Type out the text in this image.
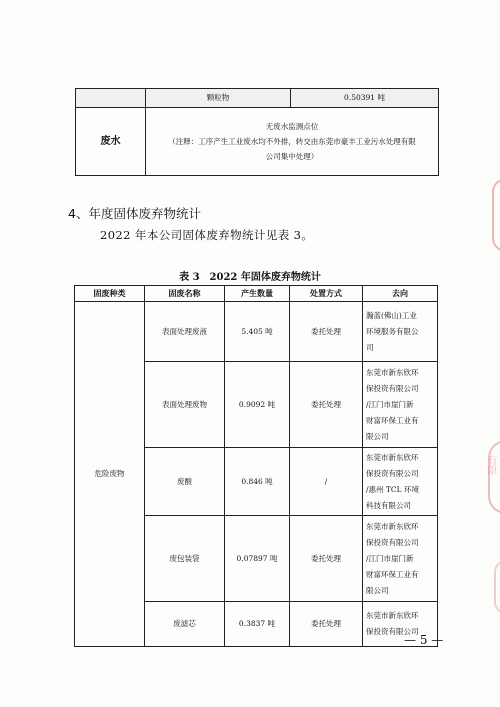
	颗粒物	0.50391 吨
废水	无废水监测点位
（注释：工序产生工业废水均不外排，转交由东莞市豪丰工业污水处理有限
公司集中处理）	
4、年度固体废弃物统计
2022 年本公司固体废弃物统计见表 3。
表 3　2022 年固体废弃物统计
固废种类	固废名称	产生数量	处置方式	去向
危险废物	表面处理废液	5.405 吨	委托处理	瀚蓝(佛山)工业
环境服务有限公
司

	表面处理废物	0.9092 吨	委托处理	东莞市新东欣环
保投资有限公司
/江门市崖门新
财富环保工业有
限公司

	废酸	0.846 吨	/	东莞市新东欣环
保投资有限公司
/惠州 TCL 环境
科技有限公司

	废包装袋	0.07897 吨	委托处理	东莞市新东欣环
保投资有限公司
/江门市崖门新
财富环保工业有
限公司

	废滤芯	0.3837 吨	委托处理	东莞市新东欣环
保投资有限公司
— 5 —
有限
